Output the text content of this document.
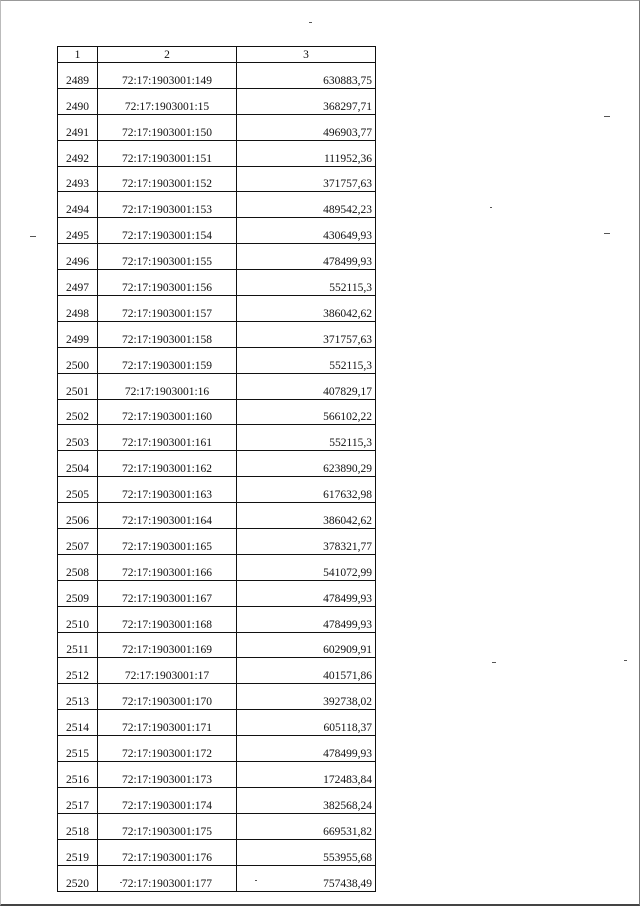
1	2	3
2489	72:17:1903001:149	630883,75
2490	72:17:1903001:15	368297,71
2491	72:17:1903001:150	496903,77
2492	72:17:1903001:151	111952,36
2493	72:17:1903001:152	371757,63
2494	72:17:1903001:153	489542,23
2495	72:17:1903001:154	430649,93
2496	72:17:1903001:155	478499,93
2497	72:17:1903001:156	552115,3
2498	72:17:1903001:157	386042,62
2499	72:17:1903001:158	371757,63
2500	72:17:1903001:159	552115,3
2501	72:17:1903001:16	407829,17
2502	72:17:1903001:160	566102,22
2503	72:17:1903001:161	552115,3
2504	72:17:1903001:162	623890,29
2505	72:17:1903001:163	617632,98
2506	72:17:1903001:164	386042,62
2507	72:17:1903001:165	378321,77
2508	72:17:1903001:166	541072,99
2509	72:17:1903001:167	478499,93
2510	72:17:1903001:168	478499,93
2511	72:17:1903001:169	602909,91
2512	72:17:1903001:17	401571,86
2513	72:17:1903001:170	392738,02
2514	72:17:1903001:171	605118,37
2515	72:17:1903001:172	478499,93
2516	72:17:1903001:173	172483,84
2517	72:17:1903001:174	382568,24
2518	72:17:1903001:175	669531,82
2519	72:17:1903001:176	553955,68
2520	72:17:1903001:177	757438,49
